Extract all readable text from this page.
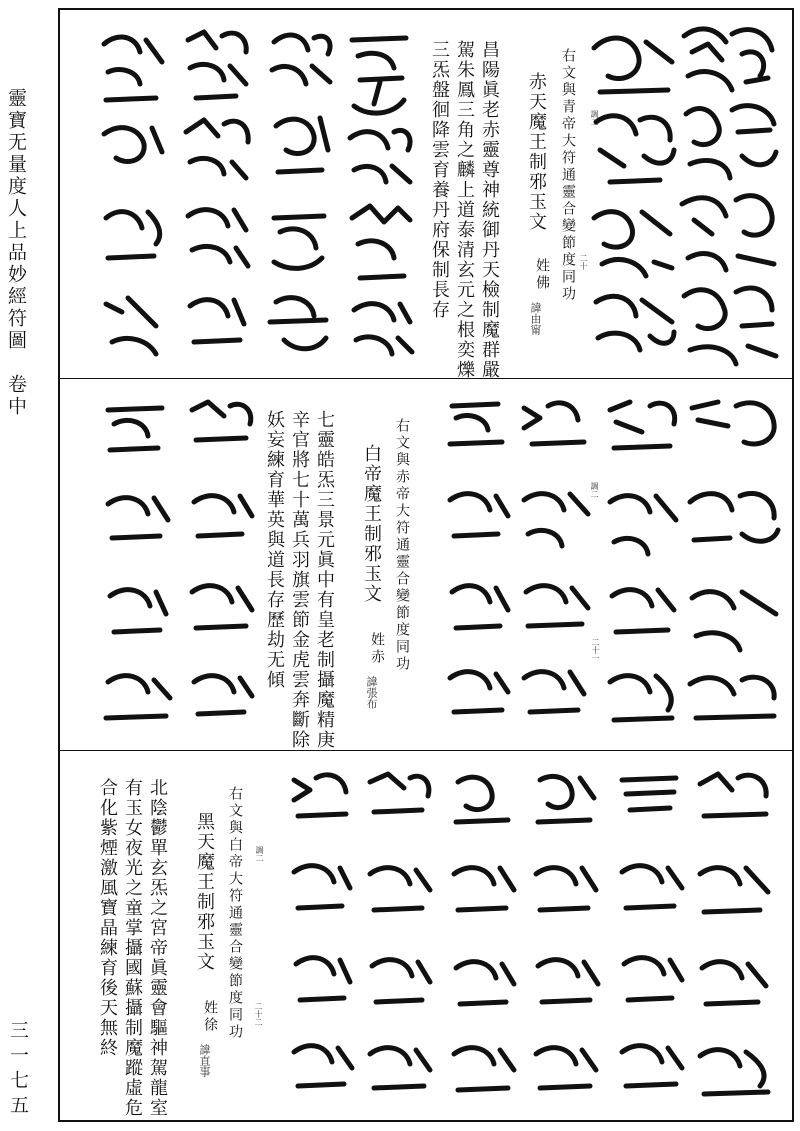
靈寶无量度人上品妙經符圖　卷中
三一七五
右文與青帝大符通靈合變節度同功
赤天魔王制邪玉文
姓佛
諱由甯
調二
二十
昌陽眞老赤靈尊神統御丹天檢制魔群嚴
駕朱鳳三角之麟上道泰清玄元之根奕爍
三炁盤徊降雲育養丹府保制長存
調二
二十一
右文與赤帝大符通靈合變節度同功
白帝魔王制邪玉文
姓赤
諱張布
七靈皓炁三景元眞中有皇老制攝魔精庚
辛官將七十萬兵羽旗雲節金虎雲奔斷除
妖妄練育華英與道長存歷劫无傾
調二
二十二
右文與白帝大符通靈合變節度同功
黑天魔王制邪玉文
姓徐
諱直事
北陰鬱單玄炁之宮帝眞靈會驅神駕龍室
有玉女夜光之童掌攝國蘇攝制魔蹤虛危
合化紫煙激風寶晶練育後天無終
